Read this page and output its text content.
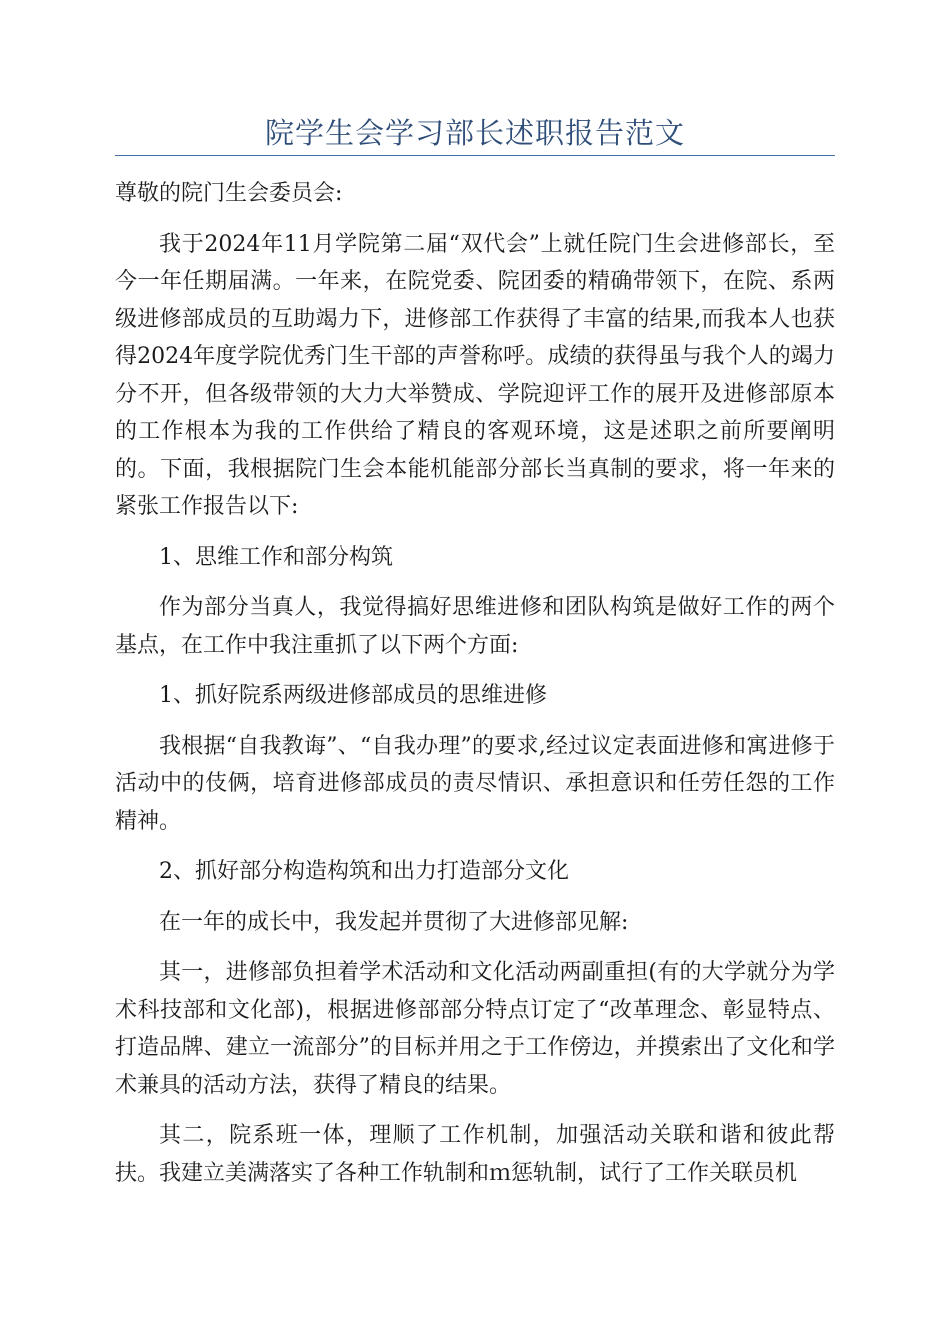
院学生会学习部长述职报告范文

尊敬的院门生会委员会:

我于2024年11月学院第二届“双代会”上就任院门生会进修部长，至今一年任期届满。一年来，在院党委、院团委的精确带领下，在院、系两级进修部成员的互助竭力下，进修部工作获得了丰富的结果,而我本人也获得2024年度学院优秀门生干部的声誉称呼。成绩的获得虽与我个人的竭力分不开，但各级带领的大力大举赞成、学院迎评工作的展开及进修部原本的工作根本为我的工作供给了精良的客观环境，这是述职之前所要阐明的。下面，我根据院门生会本能机能部分部长当真制的要求，将一年来的紧张工作报告以下:

1、思维工作和部分构筑

作为部分当真人，我觉得搞好思维进修和团队构筑是做好工作的两个基点，在工作中我注重抓了以下两个方面:

1、抓好院系两级进修部成员的思维进修

我根据“自我教诲”、“自我办理”的要求,经过议定表面进修和寓进修于活动中的伎俩，培育进修部成员的责尽情识、承担意识和任劳任怨的工作精神。

2、抓好部分构造构筑和出力打造部分文化

在一年的成长中，我发起并贯彻了大进修部见解:

其一，进修部负担着学术活动和文化活动两副重担(有的大学就分为学术科技部和文化部)，根据进修部部分特点订定了“改革理念、彰显特点、打造品牌、建立一流部分”的目标并用之于工作傍边，并摸索出了文化和学术兼具的活动方法，获得了精良的结果。

其二，院系班一体，理顺了工作机制，加强活动关联和谐和彼此帮扶。我建立美满落实了各种工作轨制和ｍ惩轨制，试行了工作关联员机
